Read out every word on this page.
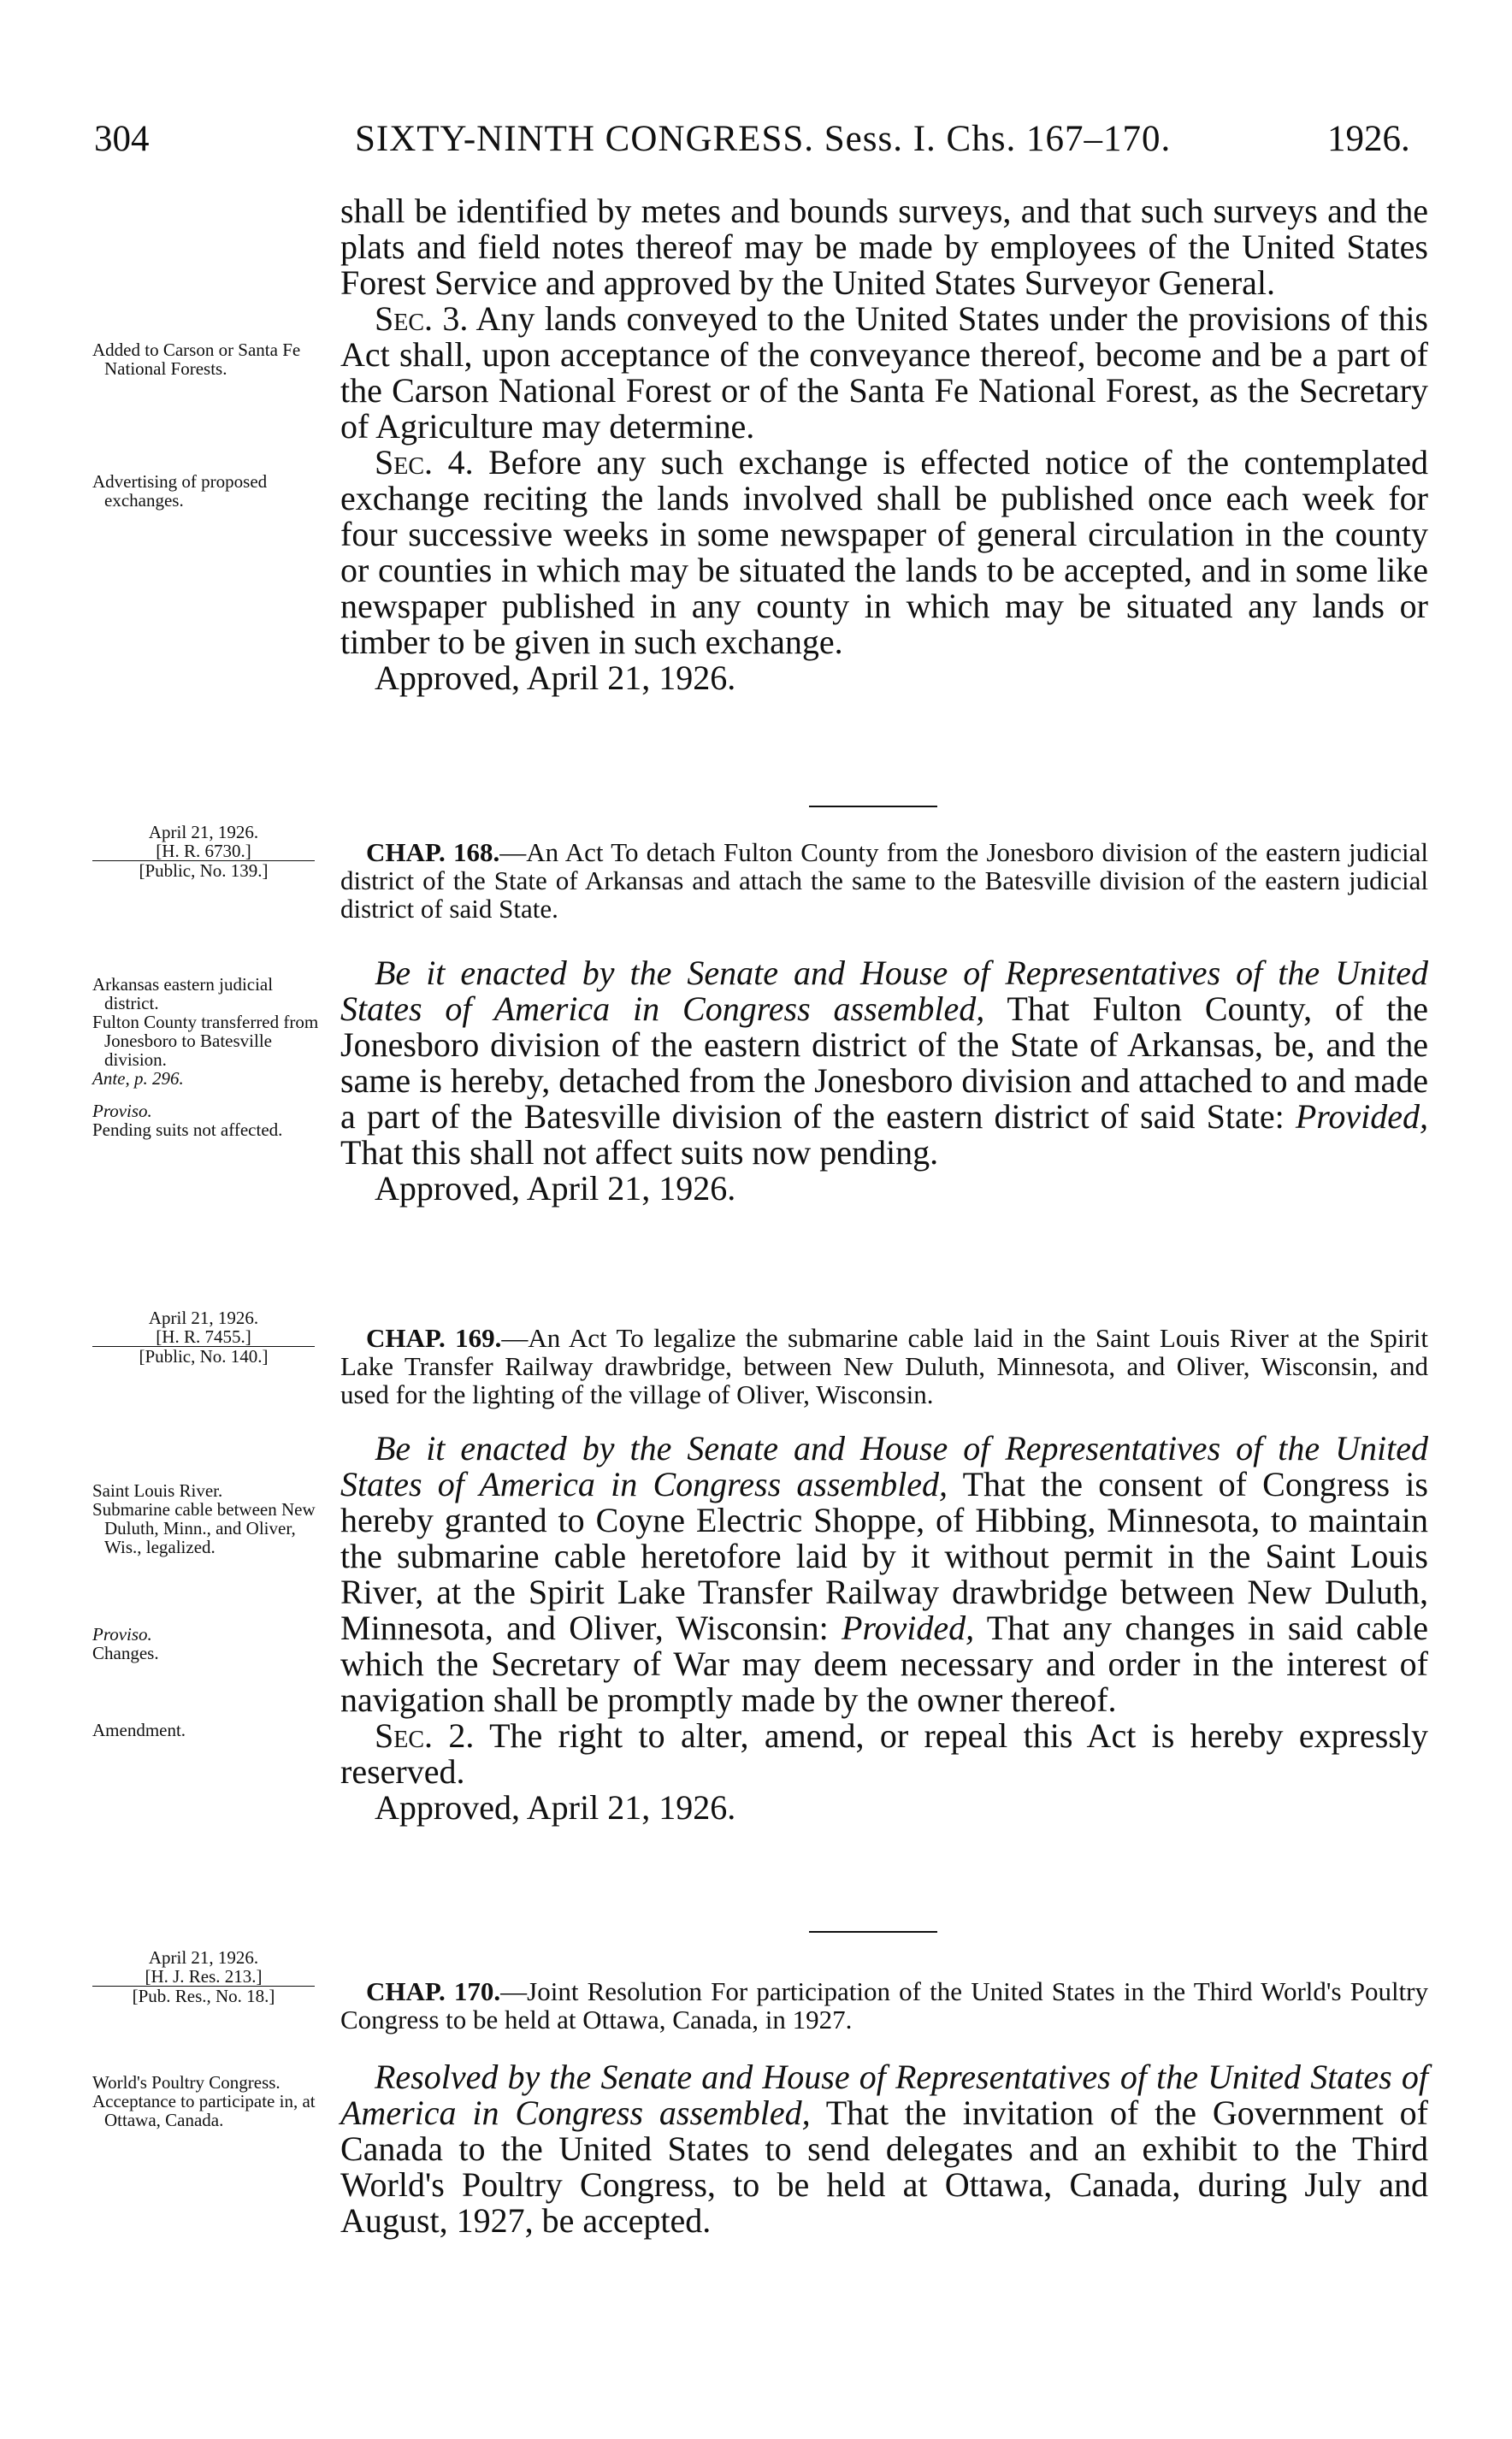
304	SIXTY-NINTH CONGRESS. Sess. I. Chs. 167–170.	1926.

shall be identified by metes and bounds surveys, and that such surveys and the plats and field notes thereof may be made by employees of the United States Forest Service and approved by the United States Surveyor General.

Sec. 3. Any lands conveyed to the United States under the provisions of this Act shall, upon acceptance of the conveyance thereof, become and be a part of the Carson National Forest or of the Santa Fe National Forest, as the Secretary of Agriculture may determine.

Sec. 4. Before any such exchange is effected notice of the contemplated exchange reciting the lands involved shall be published once each week for four successive weeks in some newspaper of general circulation in the county or counties in which may be situated the lands to be accepted, and in some like newspaper published in any county in which may be situated any lands or timber to be given in such exchange.

Approved, April 21, 1926.

Added to Carson or Santa Fe National Forests.

Advertising of proposed exchanges.

April 21, 1926.

[H. R. 6730.]

[Public, No. 139.]

CHAP. 168.—An Act To detach Fulton County from the Jonesboro division of the eastern judicial district of the State of Arkansas and attach the same to the Batesville division of the eastern judicial district of said State.

Be it enacted by the Senate and House of Representatives of the United States of America in Congress assembled, That Fulton County, of the Jonesboro division of the eastern district of the State of Arkansas, be, and the same is hereby, detached from the Jonesboro division and attached to and made a part of the Batesville division of the eastern district of said State: Provided, That this shall not affect suits now pending.

Approved, April 21, 1926.

Arkansas eastern judicial district.

Fulton County transferred from Jonesboro to Batesville division.

Ante, p. 296.

Proviso.

Pending suits not affected.

April 21, 1926.

[H. R. 7455.]

[Public, No. 140.]

CHAP. 169.—An Act To legalize the submarine cable laid in the Saint Louis River at the Spirit Lake Transfer Railway drawbridge, between New Duluth, Minnesota, and Oliver, Wisconsin, and used for the lighting of the village of Oliver, Wisconsin.

Be it enacted by the Senate and House of Representatives of the United States of America in Congress assembled, That the consent of Congress is hereby granted to Coyne Electric Shoppe, of Hibbing, Minnesota, to maintain the submarine cable heretofore laid by it without permit in the Saint Louis River, at the Spirit Lake Transfer Railway drawbridge between New Duluth, Minnesota, and Oliver, Wisconsin: Provided, That any changes in said cable which the Secretary of War may deem necessary and order in the interest of navigation shall be promptly made by the owner thereof.

Sec. 2. The right to alter, amend, or repeal this Act is hereby expressly reserved.

Approved, April 21, 1926.

Saint Louis River.

Submarine cable between New Duluth, Minn., and Oliver, Wis., legalized.

Proviso.

Changes.

Amendment.

April 21, 1926.

[H. J. Res. 213.]

[Pub. Res., No. 18.]	CHAP. 170.—Joint Resolution For participation of the United States in the Third World's Poultry Congress to be held at Ottawa, Canada, in 1927.

Resolved by the Senate and House of Representatives of the United States of America in Congress assembled, That the invitation of the Government of Canada to the United States to send delegates and an exhibit to the Third World's Poultry Congress, to be held at Ottawa, Canada, during July and August, 1927, be accepted.

World's Poultry Congress.

Acceptance to participate in, at Ottawa, Canada.
